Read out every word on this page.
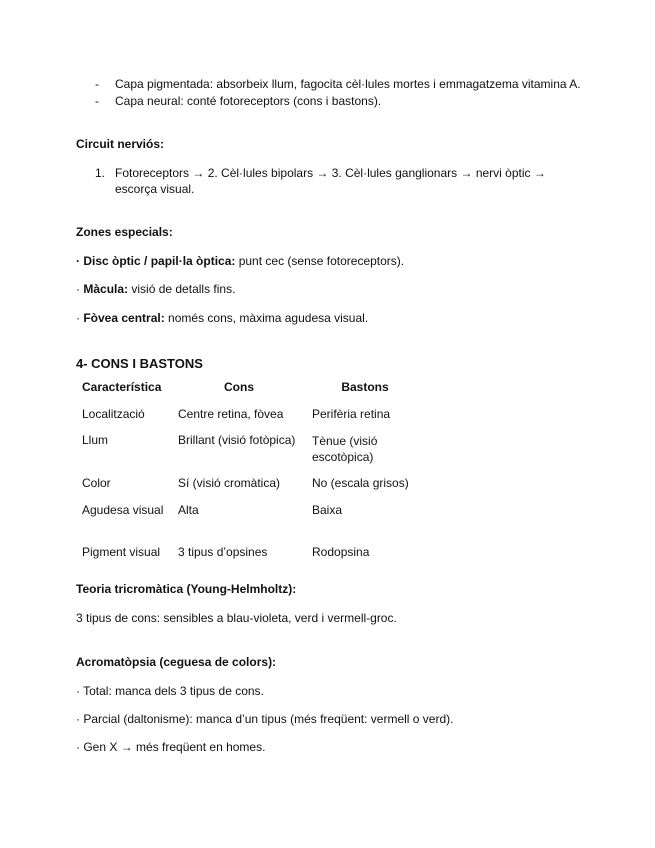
- Capa pigmentada: absorbeix llum, fagocita cèl·lules mortes i emmagatzema vitamina A.
- Capa neural: conté fotoreceptors (cons i bastons).
Circuit nerviós:
1. Fotoreceptors → 2. Cèl·lules bipolars → 3. Cèl·lules ganglionars → nervi òptic →
escorça visual.
Zones especials:
· Disc òptic / papil·la òptica: punt cec (sense fotoreceptors).
· Màcula: visió de detalls fins.
· Fòvea central: només cons, màxima agudesa visual.
4- CONS I BASTONS
Característica	Cons	Bastons
Localització	Centre retina, fòvea	Perifèria retina
Llum	Brillant (visió fotòpica)	Tènue (visió escotòpica)
Color	Sí (visió cromàtica)	No (escala grisos)
Agudesa visual	Alta	Baixa
Pigment visual	3 tipus d’opsines	Rodopsina
Teoria tricromàtica (Young-Helmholtz):
3 tipus de cons: sensibles a blau-violeta, verd i vermell-groc.
Acromatòpsia (ceguesa de colors):
· Total: manca dels 3 tipus de cons.
· Parcial (daltonisme): manca d’un tipus (més freqüent: vermell o verd).
· Gen X → més freqüent en homes.
